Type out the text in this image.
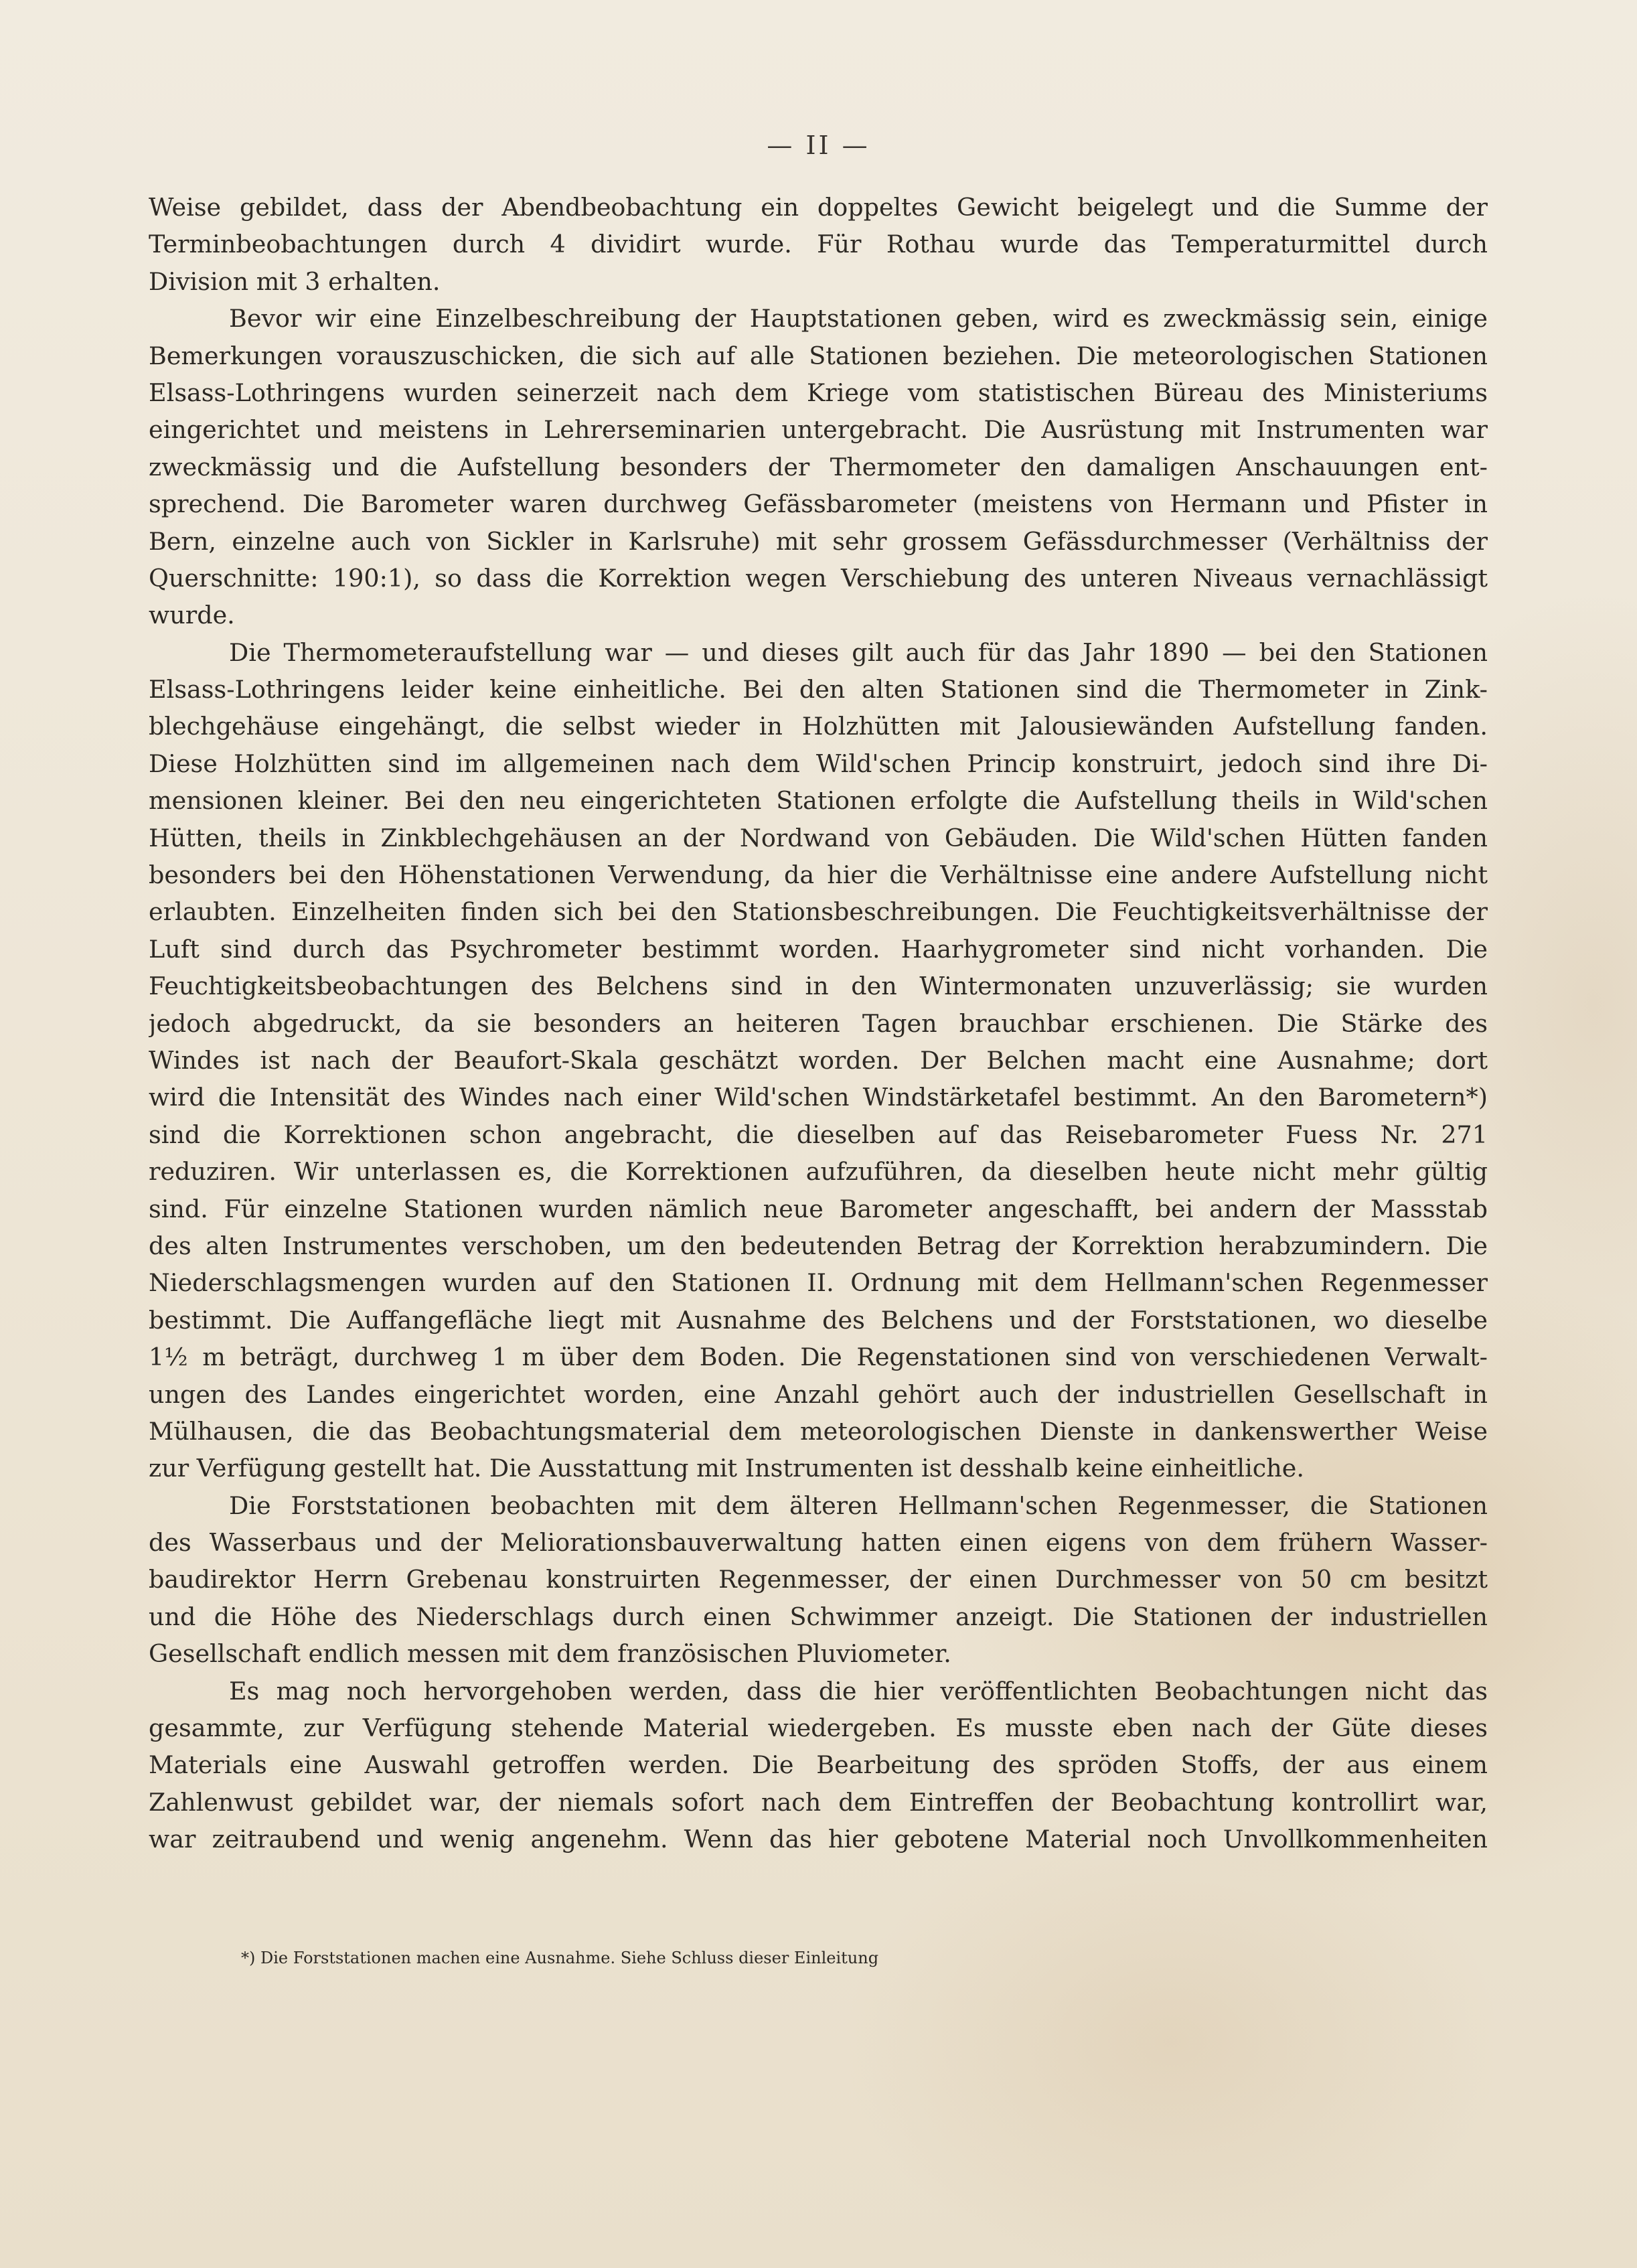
— II —
Weise gebildet, dass der Abendbeobachtung ein doppeltes Gewicht beigelegt und die Summe der
Terminbeobachtungen durch 4 dividirt wurde. Für Rothau wurde das Temperaturmittel durch
Division mit 3 erhalten.
Bevor wir eine Einzelbeschreibung der Hauptstationen geben, wird es zweckmässig sein, einige
Bemerkungen vorauszuschicken, die sich auf alle Stationen beziehen. Die meteorologischen Stationen
Elsass-Lothringens wurden seinerzeit nach dem Kriege vom statistischen Büreau des Ministeriums
eingerichtet und meistens in Lehrerseminarien untergebracht. Die Ausrüstung mit Instrumenten war
zweckmässig und die Aufstellung besonders der Thermometer den damaligen Anschauungen ent-
sprechend. Die Barometer waren durchweg Gefässbarometer (meistens von Hermann und Pfister in
Bern, einzelne auch von Sickler in Karlsruhe) mit sehr grossem Gefässdurchmesser (Verhältniss der
Querschnitte: 190:1), so dass die Korrektion wegen Verschiebung des unteren Niveaus vernachlässigt
wurde.
Die Thermometeraufstellung war — und dieses gilt auch für das Jahr 1890 — bei den Stationen
Elsass-Lothringens leider keine einheitliche. Bei den alten Stationen sind die Thermometer in Zink-
blechgehäuse eingehängt, die selbst wieder in Holzhütten mit Jalousiewänden Aufstellung fanden.
Diese Holzhütten sind im allgemeinen nach dem Wild'schen Princip konstruirt, jedoch sind ihre Di-
mensionen kleiner. Bei den neu eingerichteten Stationen erfolgte die Aufstellung theils in Wild'schen
Hütten, theils in Zinkblechgehäusen an der Nordwand von Gebäuden. Die Wild'schen Hütten fanden
besonders bei den Höhenstationen Verwendung, da hier die Verhältnisse eine andere Aufstellung nicht
erlaubten. Einzelheiten finden sich bei den Stationsbeschreibungen. Die Feuchtigkeitsverhältnisse der
Luft sind durch das Psychrometer bestimmt worden. Haarhygrometer sind nicht vorhanden. Die
Feuchtigkeitsbeobachtungen des Belchens sind in den Wintermonaten unzuverlässig; sie wurden
jedoch abgedruckt, da sie besonders an heiteren Tagen brauchbar erschienen. Die Stärke des
Windes ist nach der Beaufort-Skala geschätzt worden. Der Belchen macht eine Ausnahme; dort
wird die Intensität des Windes nach einer Wild'schen Windstärketafel bestimmt. An den Barometern*)
sind die Korrektionen schon angebracht, die dieselben auf das Reisebarometer Fuess Nr. 271
reduziren. Wir unterlassen es, die Korrektionen aufzuführen, da dieselben heute nicht mehr gültig
sind. Für einzelne Stationen wurden nämlich neue Barometer angeschafft, bei andern der Massstab
des alten Instrumentes verschoben, um den bedeutenden Betrag der Korrektion herabzumindern. Die
Niederschlagsmengen wurden auf den Stationen II. Ordnung mit dem Hellmann'schen Regenmesser
bestimmt. Die Auffangefläche liegt mit Ausnahme des Belchens und der Forststationen, wo dieselbe
1½ m beträgt, durchweg 1 m über dem Boden. Die Regenstationen sind von verschiedenen Verwalt-
ungen des Landes eingerichtet worden, eine Anzahl gehört auch der industriellen Gesellschaft in
Mülhausen, die das Beobachtungsmaterial dem meteorologischen Dienste in dankenswerther Weise
zur Verfügung gestellt hat. Die Ausstattung mit Instrumenten ist desshalb keine einheitliche.
Die Forststationen beobachten mit dem älteren Hellmann'schen Regenmesser, die Stationen
des Wasserbaus und der Meliorationsbauverwaltung hatten einen eigens von dem frühern Wasser-
baudirektor Herrn Grebenau konstruirten Regenmesser, der einen Durchmesser von 50 cm besitzt
und die Höhe des Niederschlags durch einen Schwimmer anzeigt. Die Stationen der industriellen
Gesellschaft endlich messen mit dem französischen Pluviometer.
Es mag noch hervorgehoben werden, dass die hier veröffentlichten Beobachtungen nicht das
gesammte, zur Verfügung stehende Material wiedergeben. Es musste eben nach der Güte dieses
Materials eine Auswahl getroffen werden. Die Bearbeitung des spröden Stoffs, der aus einem
Zahlenwust gebildet war, der niemals sofort nach dem Eintreffen der Beobachtung kontrollirt war,
war zeitraubend und wenig angenehm. Wenn das hier gebotene Material noch Unvollkommenheiten
*) Die Forststationen machen eine Ausnahme. Siehe Schluss dieser Einleitung
